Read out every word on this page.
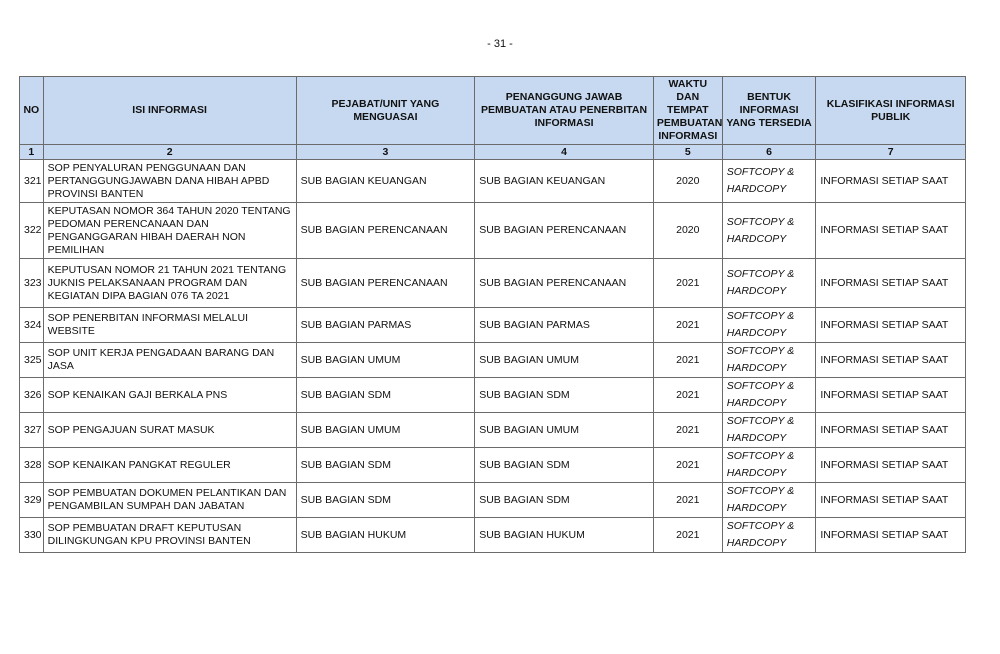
- 31 -
NO	ISI INFORMASI	PEJABAT/UNIT YANG MENGUASAI	PENANGGUNG JAWAB PEMBUATAN ATAU PENERBITAN INFORMASI	WAKTU DAN TEMPAT PEMBUATAN INFORMASI	BENTUK INFORMASI YANG TERSEDIA	KLASIFIKASI INFORMASI PUBLIK
1	2	3	4	5	6	7
321	SOP PENYALURAN PENGGUNAAN DAN PERTANGGUNGJAWABN DANA HIBAH APBD PROVINSI BANTEN	SUB BAGIAN KEUANGAN	SUB BAGIAN KEUANGAN	2020	SOFTCOPY & HARDCOPY	INFORMASI SETIAP SAAT
322	KEPUTASAN NOMOR 364 TAHUN 2020 TENTANG PEDOMAN PERENCANAAN DAN PENGANGGARAN HIBAH DAERAH NON PEMILIHAN	SUB BAGIAN PERENCANAAN	SUB BAGIAN PERENCANAAN	2020	SOFTCOPY & HARDCOPY	INFORMASI SETIAP SAAT
323	KEPUTUSAN NOMOR 21 TAHUN 2021 TENTANG JUKNIS PELAKSANAAN PROGRAM DAN KEGIATAN DIPA BAGIAN 076 TA 2021	SUB BAGIAN PERENCANAAN	SUB BAGIAN PERENCANAAN	2021	SOFTCOPY & HARDCOPY	INFORMASI SETIAP SAAT
324	SOP PENERBITAN INFORMASI MELALUI WEBSITE	SUB BAGIAN PARMAS	SUB BAGIAN PARMAS	2021	SOFTCOPY & HARDCOPY	INFORMASI SETIAP SAAT
325	SOP UNIT KERJA PENGADAAN BARANG DAN JASA	SUB BAGIAN UMUM	SUB BAGIAN UMUM	2021	SOFTCOPY & HARDCOPY	INFORMASI SETIAP SAAT
326	SOP KENAIKAN GAJI BERKALA PNS	SUB BAGIAN SDM	SUB BAGIAN SDM	2021	SOFTCOPY & HARDCOPY	INFORMASI SETIAP SAAT
327	SOP PENGAJUAN SURAT MASUK	SUB BAGIAN UMUM	SUB BAGIAN UMUM	2021	SOFTCOPY & HARDCOPY	INFORMASI SETIAP SAAT
328	SOP KENAIKAN PANGKAT REGULER	SUB BAGIAN SDM	SUB BAGIAN SDM	2021	SOFTCOPY & HARDCOPY	INFORMASI SETIAP SAAT
329	SOP PEMBUATAN DOKUMEN PELANTIKAN DAN PENGAMBILAN SUMPAH DAN JABATAN	SUB BAGIAN SDM	SUB BAGIAN SDM	2021	SOFTCOPY & HARDCOPY	INFORMASI SETIAP SAAT
330	SOP PEMBUATAN DRAFT KEPUTUSAN DILINGKUNGAN KPU PROVINSI BANTEN	SUB BAGIAN HUKUM	SUB BAGIAN HUKUM	2021	SOFTCOPY & HARDCOPY	INFORMASI SETIAP SAAT
